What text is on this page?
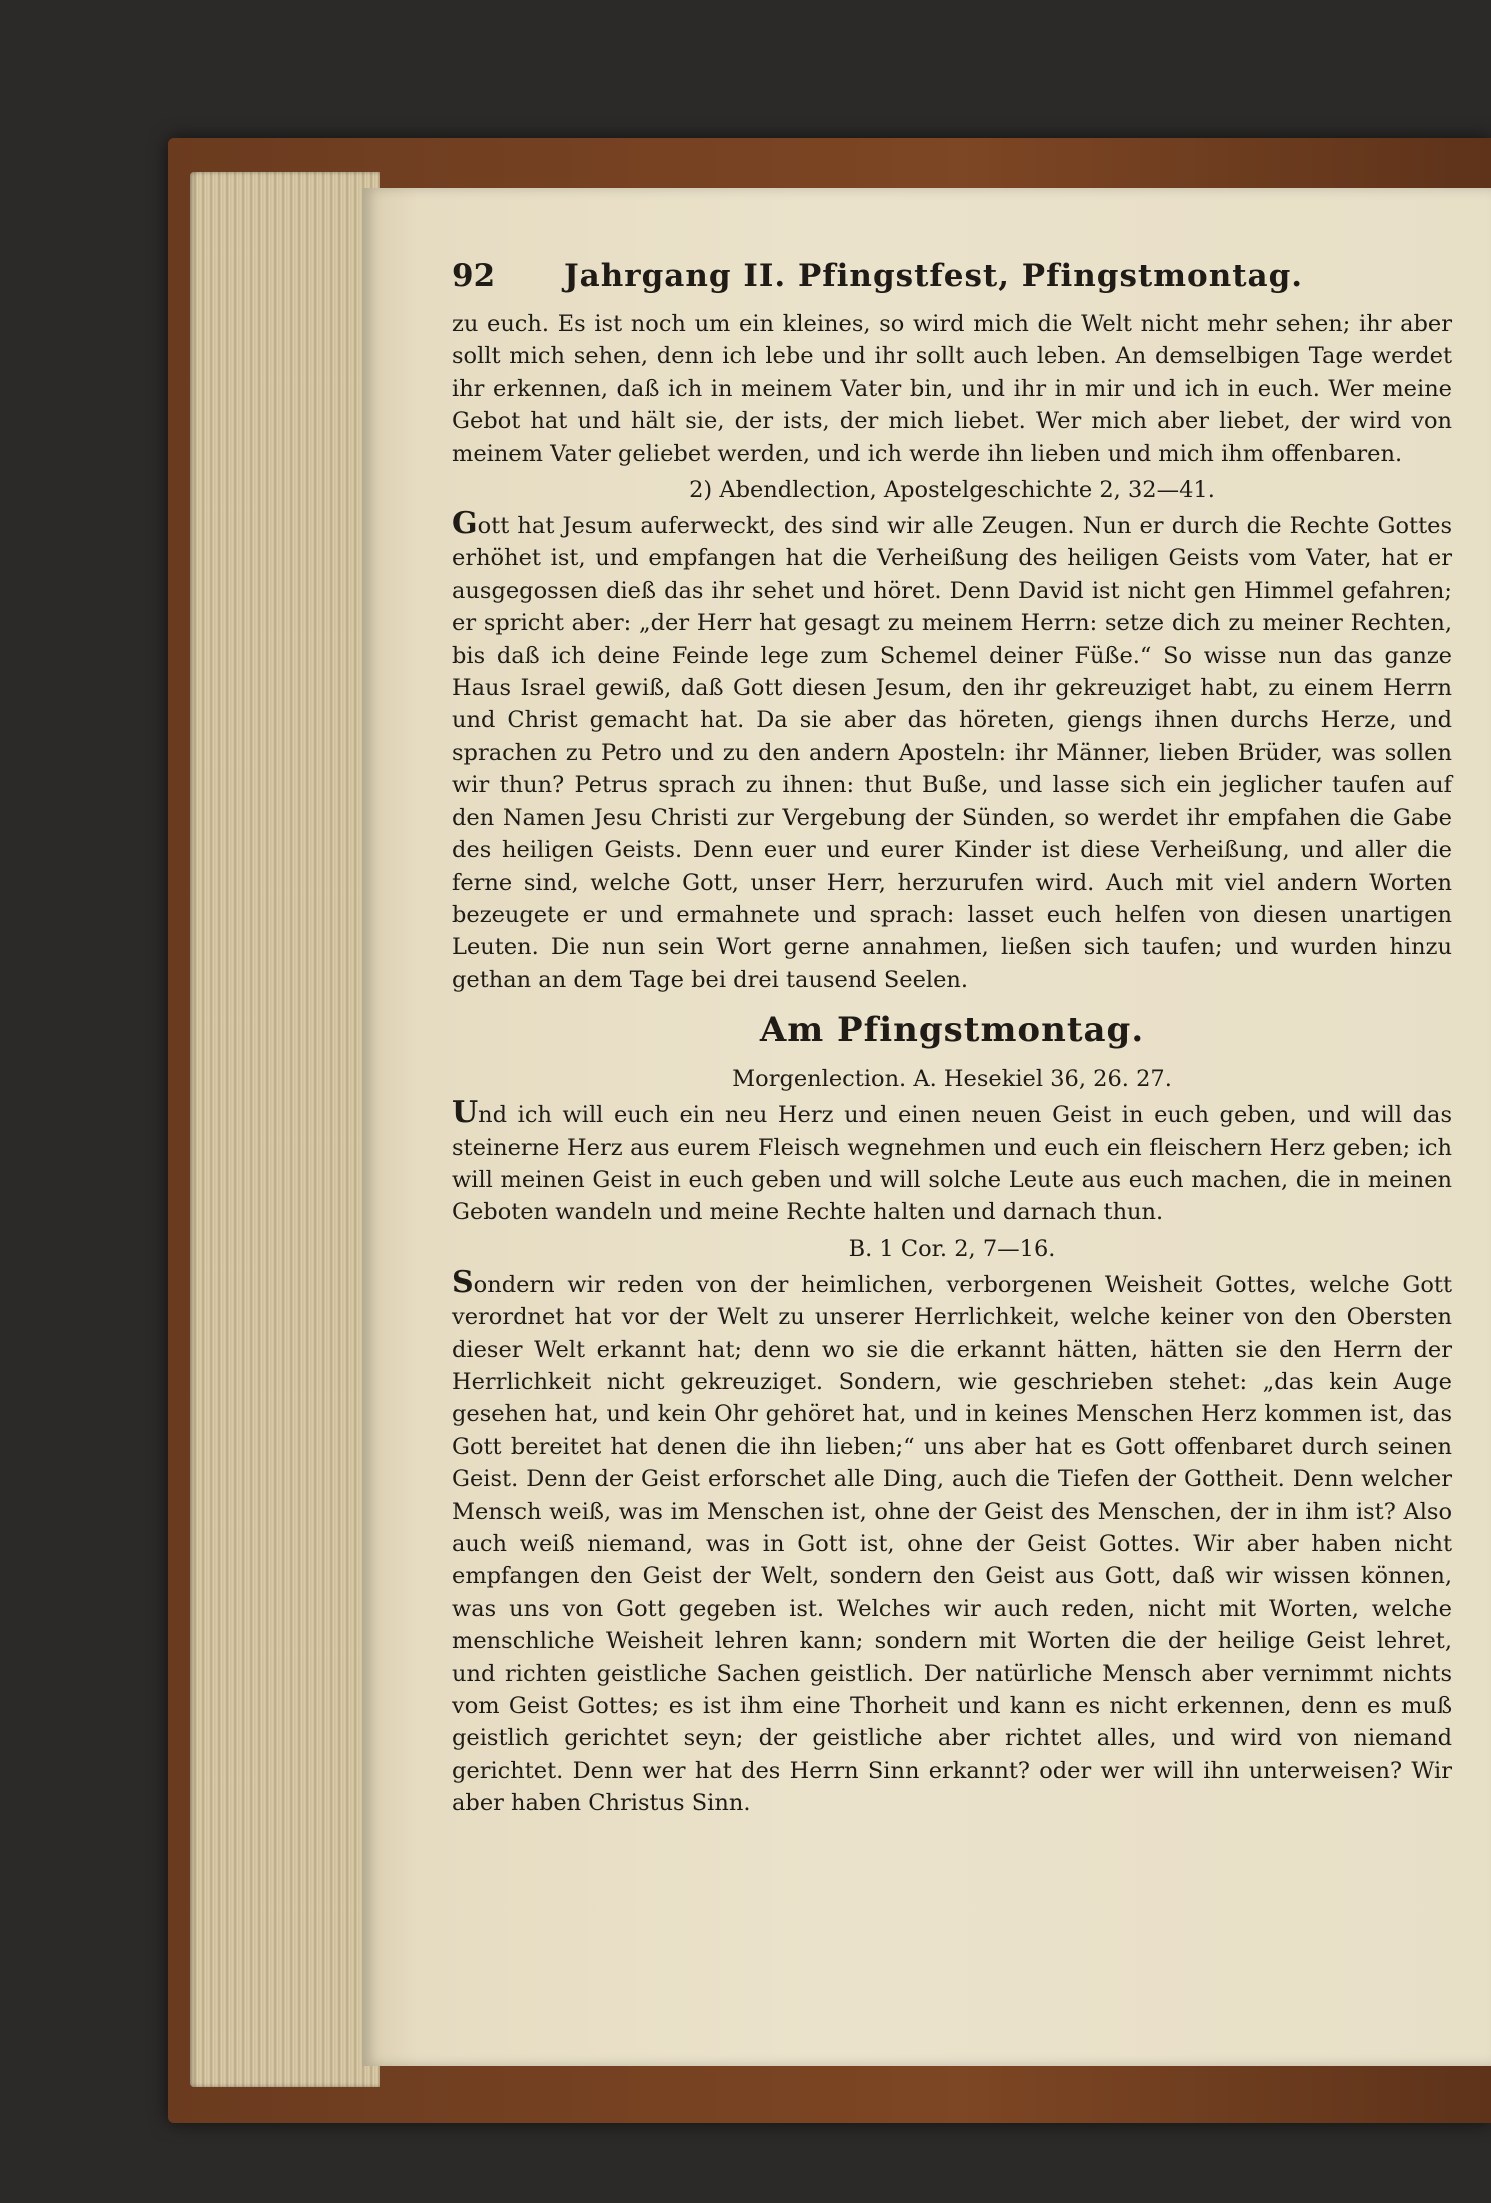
92	Jahrgang II. Pfingstfest, Pfingstmontag.

zu euch. Es ist noch um ein kleines, so wird mich die Welt nicht mehr sehen; ihr aber sollt mich sehen, denn ich lebe und ihr sollt auch leben. An demselbigen Tage werdet ihr erkennen, daß ich in meinem Vater bin, und ihr in mir und ich in euch. Wer meine Gebot hat und hält sie, der ists, der mich liebet. Wer mich aber liebet, der wird von meinem Vater geliebet werden, und ich werde ihn lieben und mich ihm offenbaren.

2) Abendlection, Apostelgeschichte 2, 32—41.

Gott hat Jesum auferweckt, des sind wir alle Zeugen. Nun er durch die Rechte Gottes erhöhet ist, und empfangen hat die Verheißung des heiligen Geists vom Vater, hat er ausgegossen dieß das ihr sehet und höret. Denn David ist nicht gen Himmel gefahren; er spricht aber: „der Herr hat gesagt zu meinem Herrn: setze dich zu meiner Rechten, bis daß ich deine Feinde lege zum Schemel deiner Füße.“ So wisse nun das ganze Haus Israel gewiß, daß Gott diesen Jesum, den ihr gekreuziget habt, zu einem Herrn und Christ gemacht hat. Da sie aber das höreten, giengs ihnen durchs Herze, und sprachen zu Petro und zu den andern Aposteln: ihr Männer, lieben Brüder, was sollen wir thun? Petrus sprach zu ihnen: thut Buße, und lasse sich ein jeglicher taufen auf den Namen Jesu Christi zur Vergebung der Sünden, so werdet ihr empfahen die Gabe des heiligen Geists. Denn euer und eurer Kinder ist diese Verheißung, und aller die ferne sind, welche Gott, unser Herr, herzurufen wird. Auch mit viel andern Worten bezeugete er und ermahnete und sprach: lasset euch helfen von diesen unartigen Leuten. Die nun sein Wort gerne annahmen, ließen sich taufen; und wurden hinzu gethan an dem Tage bei drei tausend Seelen.

Am Pfingstmontag.
Morgenlection. A. Hesekiel 36, 26. 27.

Und ich will euch ein neu Herz und einen neuen Geist in euch geben, und will das steinerne Herz aus eurem Fleisch wegnehmen und euch ein fleischern Herz geben; ich will meinen Geist in euch geben und will solche Leute aus euch machen, die in meinen Geboten wandeln und meine Rechte halten und darnach thun.

B. 1 Cor. 2, 7—16.

Sondern wir reden von der heimlichen, verborgenen Weisheit Gottes, welche Gott verordnet hat vor der Welt zu unserer Herrlichkeit, welche keiner von den Obersten dieser Welt erkannt hat; denn wo sie die erkannt hätten, hätten sie den Herrn der Herrlichkeit nicht gekreuziget. Sondern, wie geschrieben stehet: „das kein Auge gesehen hat, und kein Ohr gehöret hat, und in keines Menschen Herz kommen ist, das Gott bereitet hat denen die ihn lieben;“ uns aber hat es Gott offenbaret durch seinen Geist. Denn der Geist erforschet alle Ding, auch die Tiefen der Gottheit. Denn welcher Mensch weiß, was im Menschen ist, ohne der Geist des Menschen, der in ihm ist? Also auch weiß niemand, was in Gott ist, ohne der Geist Gottes. Wir aber haben nicht empfangen den Geist der Welt, sondern den Geist aus Gott, daß wir wissen können, was uns von Gott gegeben ist. Welches wir auch reden, nicht mit Worten, welche menschliche Weisheit lehren kann; sondern mit Worten die der heilige Geist lehret, und richten geistliche Sachen geistlich. Der natürliche Mensch aber vernimmt nichts vom Geist Gottes; es ist ihm eine Thorheit und kann es nicht erkennen, denn es muß geistlich gerichtet seyn; der geistliche aber richtet alles, und wird von niemand gerichtet. Denn wer hat des Herrn Sinn erkannt? oder wer will ihn unterweisen? Wir aber haben Christus Sinn.
